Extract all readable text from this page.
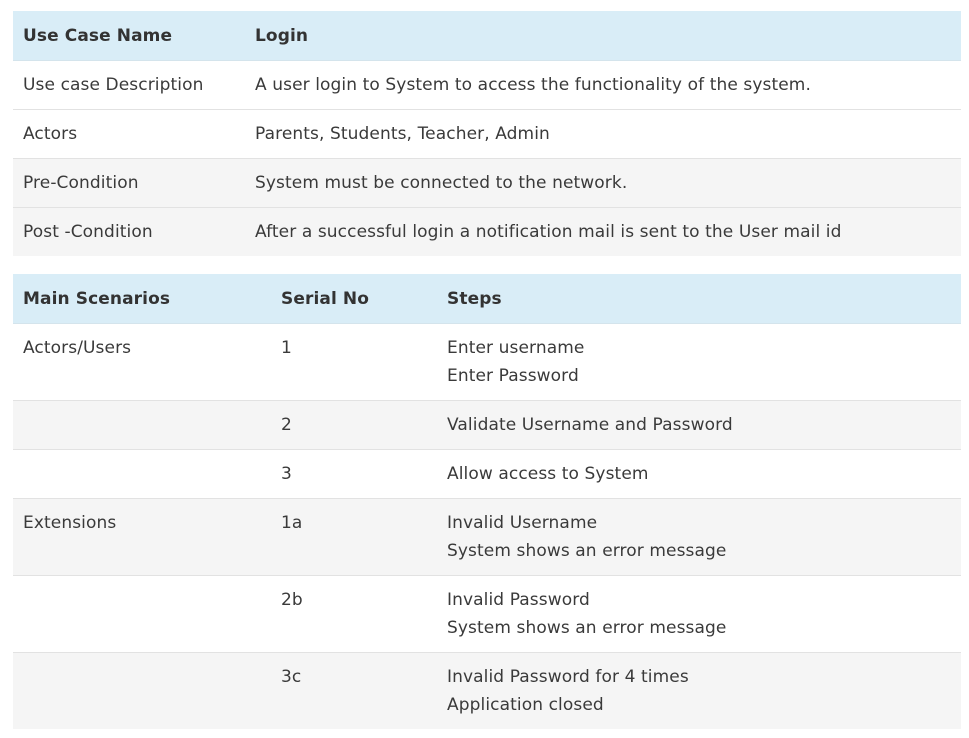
Use Case Name	Login
Use case Description	A user login to System to access the functionality of the system.
Actors	Parents, Students, Teacher, Admin
Pre-Condition	System must be connected to the network.
Post -Condition	After a successful login a notification mail is sent to the User mail id
Main Scenarios	Serial No	Steps
Actors/Users	1	Enter username
Enter Password

	2	Validate Username and Password

	3	Allow access to System

Extensions	1a	Invalid Username
System shows an error message

	2b	Invalid Password
System shows an error message

	3c	Invalid Password for 4 times
Application closed
